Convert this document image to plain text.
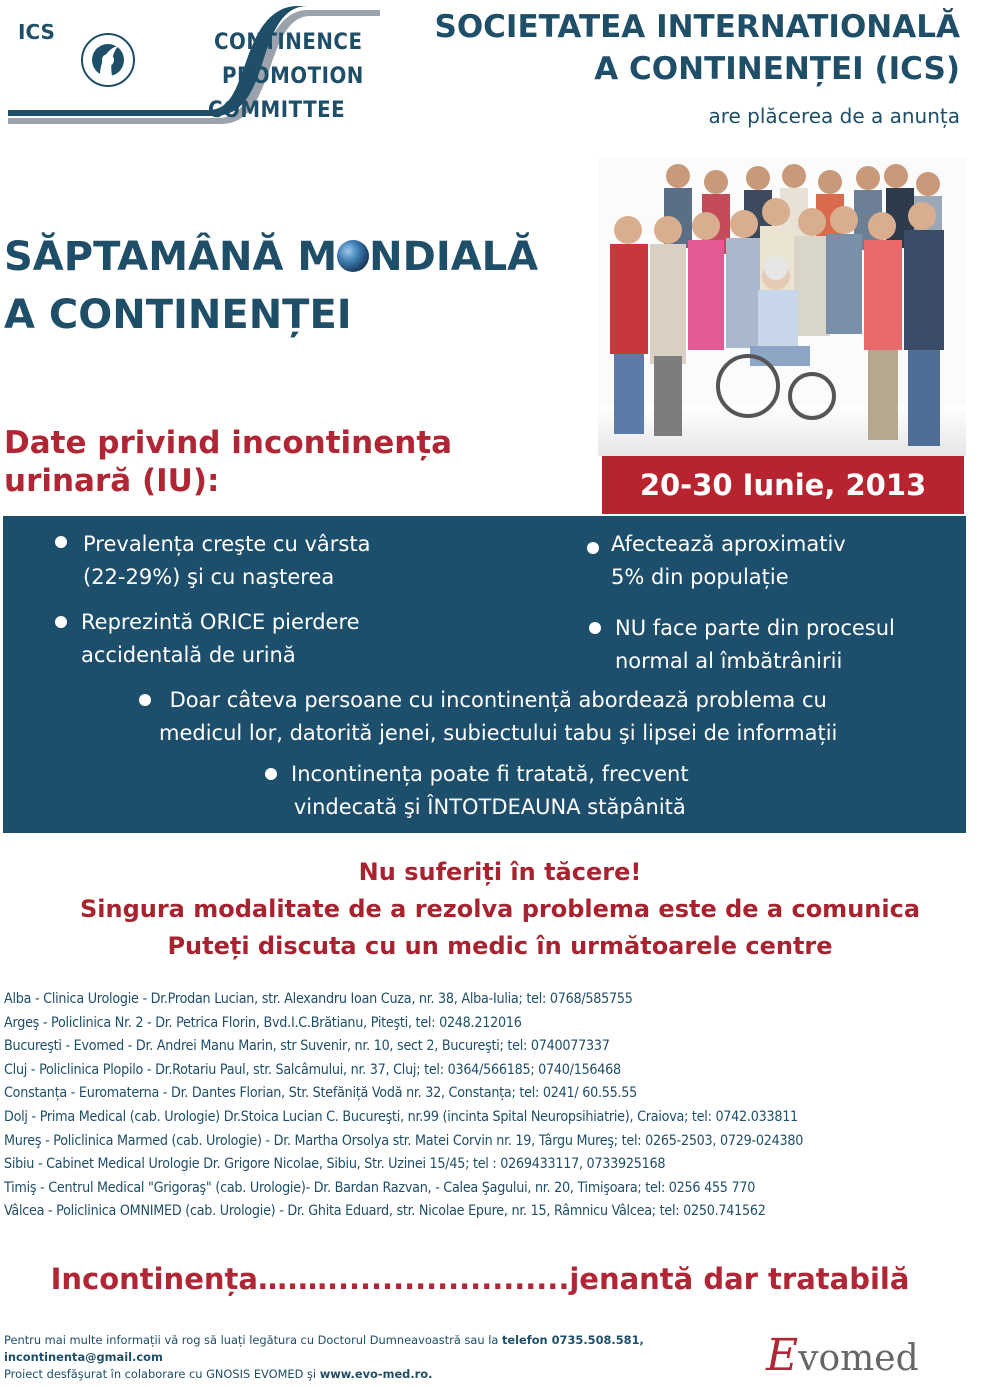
ICS	CONTINENCE
PROMOTION
COMMITTEE
SOCIETATEA INTERNATIONALĂ
A CONTINENȚEI (ICS)
are plăcerea de a anunța
SĂPTAMÂNĂ M NDIALĂ
A CONTINENȚEI
20-30 Iunie, 2013
Date privind incontinența
urinară (IU):
Prevalența creşte cu vârsta
(22-29%) şi cu naşterea
Afectează aproximativ
5% din populație
Reprezintă ORICE pierdere
accidentală de urină
NU face parte din procesul
normal al îmbătrânirii
Doar câteva persoane cu incontinență abordează problema cu
medicul lor, datorită jenei, subiectului tabu şi lipsei de informații
Incontinența poate fi tratată, frecvent
vindecată şi ÎNTOTDEAUNA stăpânită
Nu suferiți în tăcere!
Singura modalitate de a rezolva problema este de a comunica
Puteți discuta cu un medic în următoarele centre
Alba - Clinica Urologie - Dr.Prodan Lucian, str. Alexandru Ioan Cuza, nr. 38, Alba-Iulia; tel: 0768/585755
Argeş - Policlinica Nr. 2 - Dr. Petrica Florin, Bvd.I.C.Brătianu, Piteşti, tel: 0248.212016
Bucureşti - Evomed - Dr. Andrei Manu Marin, str Suvenir, nr. 10, sect 2, Bucureşti; tel: 0740077337
Cluj - Policlinica Plopilo - Dr.Rotariu Paul, str. Salcâmului, nr. 37, Cluj; tel: 0364/566185; 0740/156468
Constanța - Euromaterna - Dr. Dantes Florian, Str. Stefăniță Vodă nr. 32, Constanța; tel: 0241/ 60.55.55
Dolj - Prima Medical (cab. Urologie) Dr.Stoica Lucian C. Bucureşti, nr.99 (incinta Spital Neuropsihiatrie), Craiova; tel: 0742.033811
Mureş - Policlinica Marmed (cab. Urologie) - Dr. Martha Orsolya str. Matei Corvin nr. 19, Târgu Mureş; tel: 0265-2503, 0729-024380
Sibiu - Cabinet Medical Urologie Dr. Grigore Nicolae, Sibiu, Str. Uzinei 15/45; tel : 0269433117, 0733925168
Timiş - Centrul Medical "Grigoraş" (cab. Urologie)- Dr. Bardan Razvan, - Calea Şagului, nr. 20, Timişoara; tel: 0256 455 770
Vâlcea - Policlinica OMNIMED (cab. Urologie) - Dr. Ghita Eduard, str. Nicolae Epure, nr. 15, Râmnicu Vâlcea; tel: 0250.741562
Incontinența….…......................jenantă dar tratabilă
Pentru mai multe informații vă rog să luați legătura cu Doctorul Dumneavoastră sau la telefon 0735.508.581,
incontinenta@gmail.com
Proiect desfăşurat în colaborare cu GNOSIS EVOMED şi www.evo-med.ro.	Evomed
